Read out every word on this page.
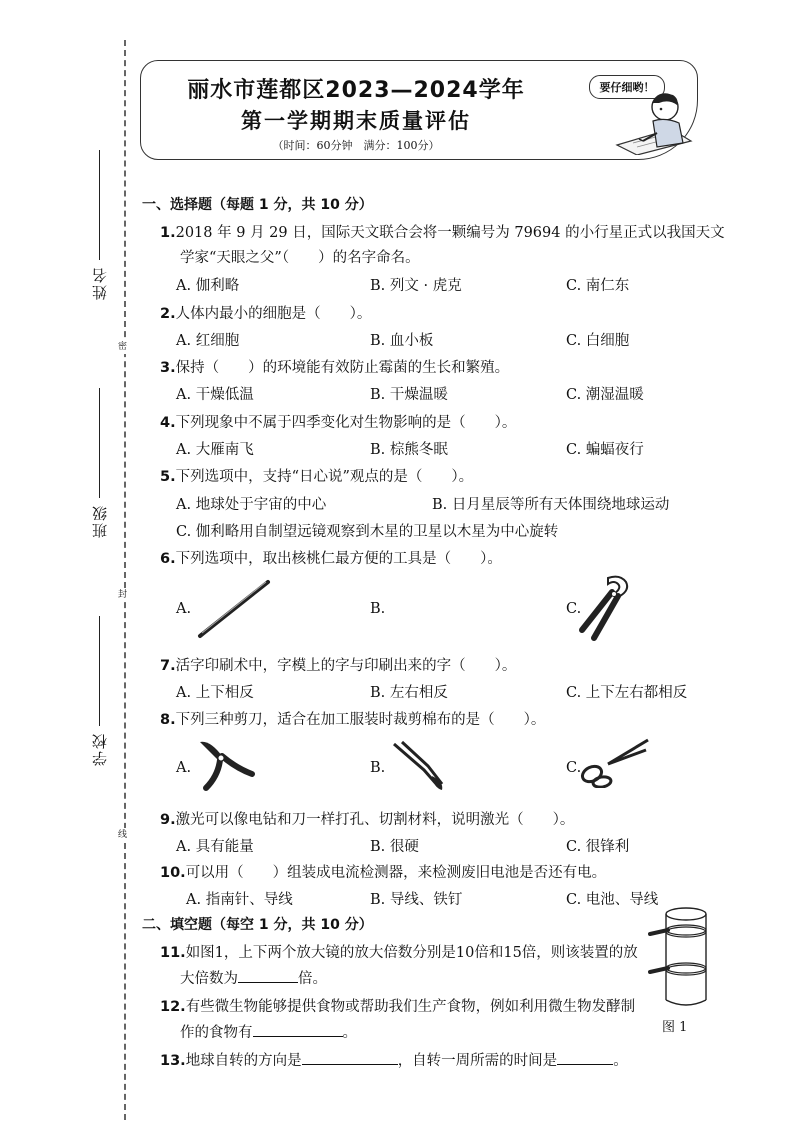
姓名
班级
学校
密
封
线
丽水市莲都区2023—2024学年
第一学期期末质量评估
（时间：60分钟　满分：100分）
要仔细哟！
一、选择题（每题 1 分，共 10 分）
1.2018 年 9 月 29 日，国际天文联合会将一颗编号为 79694 的小行星正式以我国天文
学家“天眼之父”（　　）的名字命名。
A. 伽利略	B. 列文 · 虎克	C. 南仁东
2.人体内最小的细胞是（　　）。
A. 红细胞	B. 血小板	C. 白细胞
3.保持（　　）的环境能有效防止霉菌的生长和繁殖。
A. 干燥低温	B. 干燥温暖	C. 潮湿温暖
4.下列现象中不属于四季变化对生物影响的是（　　）。
A. 大雁南飞	B. 棕熊冬眠	C. 蝙蝠夜行
5.下列选项中，支持“日心说”观点的是（　　）。
A. 地球处于宇宙的中心	B. 日月星辰等所有天体围绕地球运动
C. 伽利略用自制望远镜观察到木星的卫星以木星为中心旋转
6.下列选项中，取出核桃仁最方便的工具是（　　）。
A.	B.	C.
7.活字印刷术中，字模上的字与印刷出来的字（　　）。
A. 上下相反	B. 左右相反	C. 上下左右都相反
8.下列三种剪刀，适合在加工服装时裁剪棉布的是（　　）。
A.	B.	C.
9.激光可以像电钻和刀一样打孔、切割材料，说明激光（　　）。
A. 具有能量	B. 很硬	C. 很锋利
10.可以用（　　）组装成电流检测器，来检测废旧电池是否还有电。
A. 指南针、导线	B. 导线、铁钉	C. 电池、导线
二、填空题（每空 1 分，共 10 分）
11.如图1，上下两个放大镜的放大倍数分别是10倍和15倍，则该装置的放
大倍数为	倍。
12.有些微生物能够提供食物或帮助我们生产食物，例如利用微生物发酵制
作的食物有	。
13.地球自转的方向是	，自转一周所需的时间是	。
图 1
